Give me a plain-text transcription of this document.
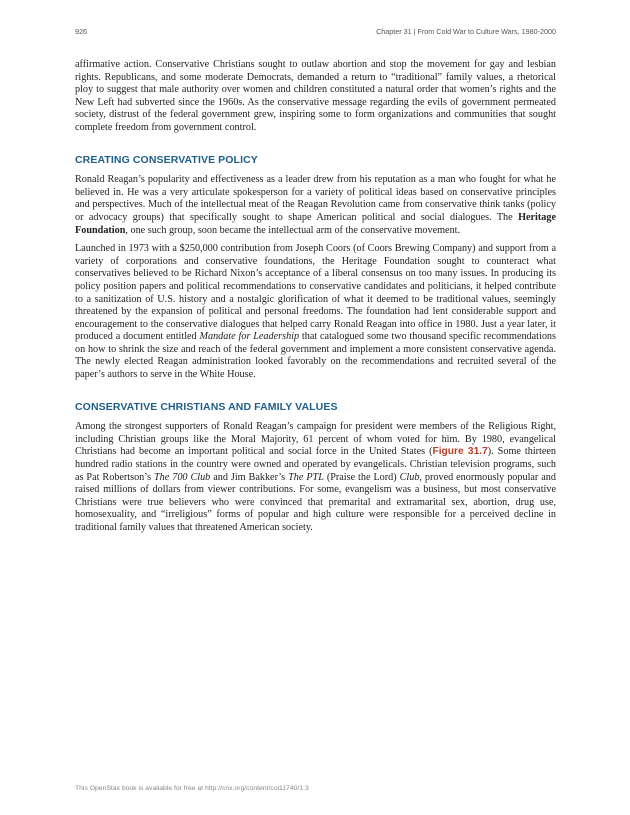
926	Chapter 31 | From Cold War to Culture Wars, 1980-2000

affirmative action. Conservative Christians sought to outlaw abortion and stop the movement for gay and lesbian rights. Republicans, and some moderate Democrats, demanded a return to “traditional” family values, a rhetorical ploy to suggest that male authority over women and children constituted a natural order that women’s rights and the New Left had subverted since the 1960s. As the conservative message regarding the evils of government permeated society, distrust of the federal government grew, inspiring some to form organizations and communities that sought complete freedom from government control.

CREATING CONSERVATIVE POLICY

Ronald Reagan’s popularity and effectiveness as a leader drew from his reputation as a man who fought for what he believed in. He was a very articulate spokesperson for a variety of political ideas based on conservative principles and perspectives. Much of the intellectual meat of the Reagan Revolution came from conservative think tanks (policy or advocacy groups) that specifically sought to shape American political and social dialogues. The Heritage Foundation, one such group, soon became the intellectual arm of the conservative movement.

Launched in 1973 with a $250,000 contribution from Joseph Coors (of Coors Brewing Company) and support from a variety of corporations and conservative foundations, the Heritage Foundation sought to counteract what conservatives believed to be Richard Nixon’s acceptance of a liberal consensus on too many issues. In producing its policy position papers and political recommendations to conservative candidates and politicians, it helped contribute to a sanitization of U.S. history and a nostalgic glorification of what it deemed to be traditional values, seemingly threatened by the expansion of political and personal freedoms. The foundation had lent considerable support and encouragement to the conservative dialogues that helped carry Ronald Reagan into office in 1980. Just a year later, it produced a document entitled Mandate for Leadership that catalogued some two thousand specific recommendations on how to shrink the size and reach of the federal government and implement a more consistent conservative agenda. The newly elected Reagan administration looked favorably on the recommendations and recruited several of the paper’s authors to serve in the White House.

CONSERVATIVE CHRISTIANS AND FAMILY VALUES

Among the strongest supporters of Ronald Reagan’s campaign for president were members of the Religious Right, including Christian groups like the Moral Majority, 61 percent of whom voted for him. By 1980, evangelical Christians had become an important political and social force in the United States (Figure 31.7). Some thirteen hundred radio stations in the country were owned and operated by evangelicals. Christian television programs, such as Pat Robertson’s The 700 Club and Jim Bakker’s The PTL (Praise the Lord) Club, proved enormously popular and raised millions of dollars from viewer contributions. For some, evangelism was a business, but most conservative Christians were true believers who were convinced that premarital and extramarital sex, abortion, drug use, homosexuality, and “irreligious” forms of popular and high culture were responsible for a perceived decline in traditional family values that threatened American society.

This OpenStax book is available for free at http://cnx.org/content/col11740/1.3
